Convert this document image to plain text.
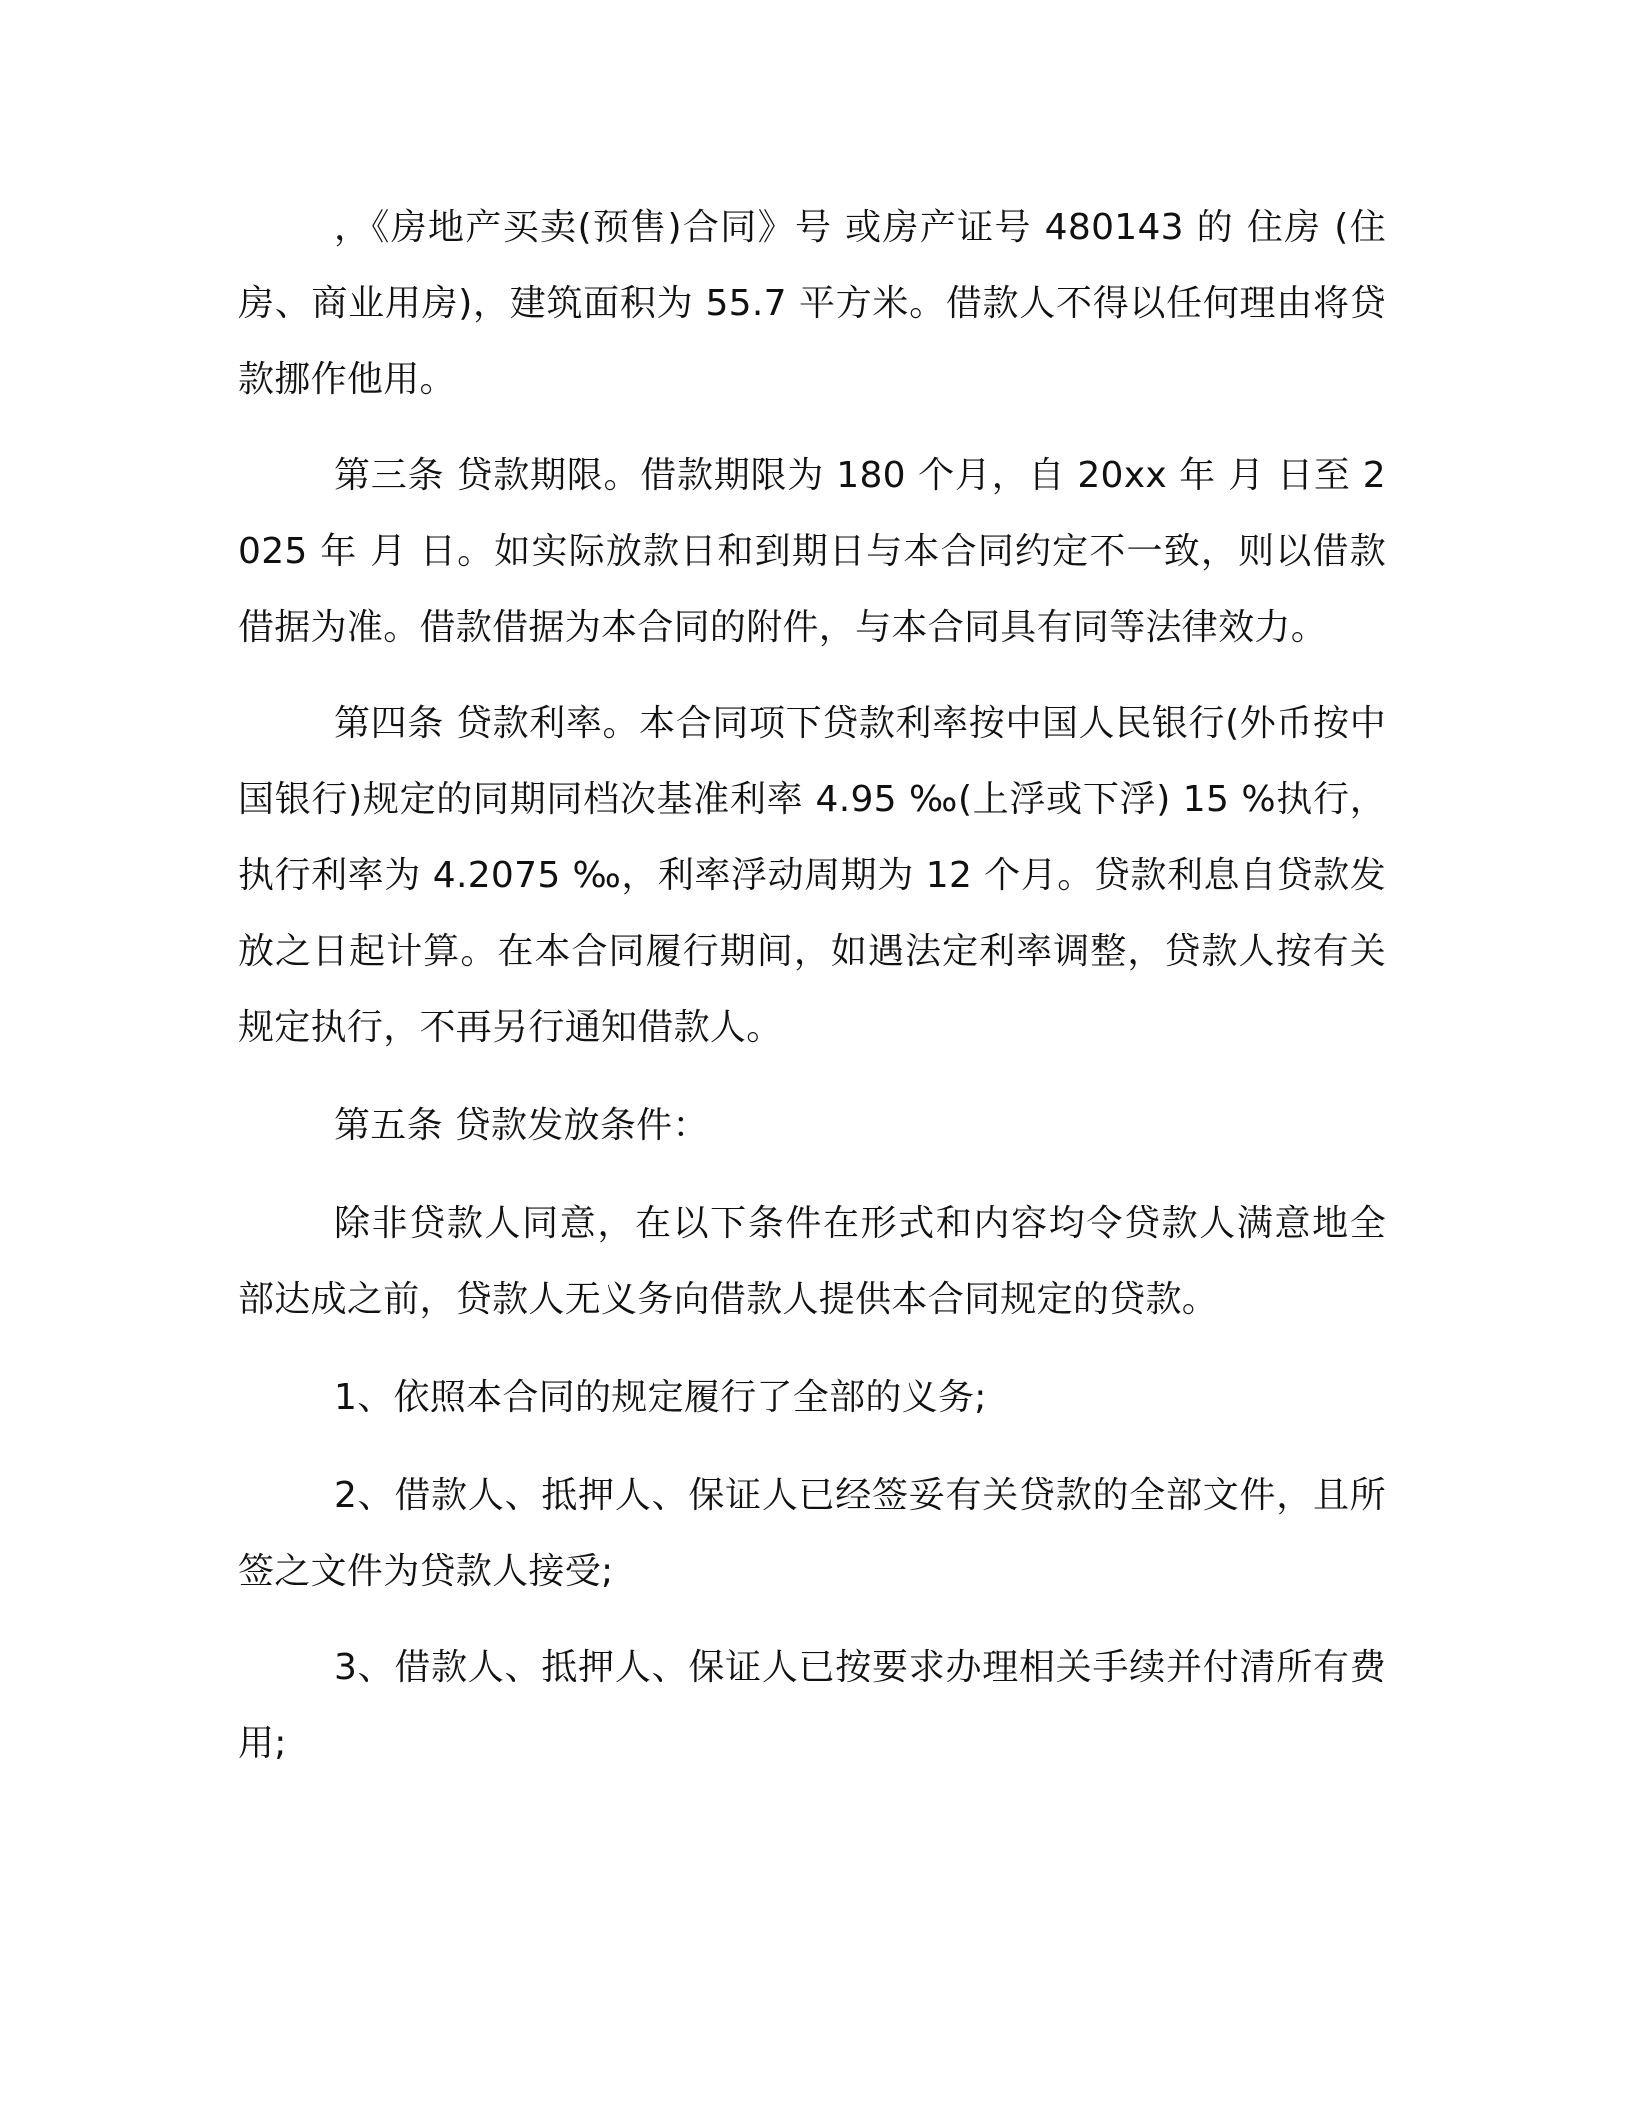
，《房地产买卖(预售)合同》号 或房产证号 480143 的 住房 (住房、商业用房)，建筑面积为 55.7 平方米。借款人不得以任何理由将贷款挪作他用。

第三条 贷款期限。借款期限为 180 个月，自 20xx 年 月 日至 2025 年 月 日。如实际放款日和到期日与本合同约定不一致，则以借款借据为准。借款借据为本合同的附件，与本合同具有同等法律效力。

第四条 贷款利率。本合同项下贷款利率按中国人民银行(外币按中国银行)规定的同期同档次基准利率 4.95 ‰(上浮或下浮) 15 %执行，执行利率为 4.2075 ‰，利率浮动周期为 12 个月。贷款利息自贷款发放之日起计算。在本合同履行期间，如遇法定利率调整，贷款人按有关规定执行，不再另行通知借款人。

第五条 贷款发放条件：

除非贷款人同意，在以下条件在形式和内容均令贷款人满意地全部达成之前，贷款人无义务向借款人提供本合同规定的贷款。

1、依照本合同的规定履行了全部的义务;

2、借款人、抵押人、保证人已经签妥有关贷款的全部文件，且所签之文件为贷款人接受;

3、借款人、抵押人、保证人已按要求办理相关手续并付清所有费用;
